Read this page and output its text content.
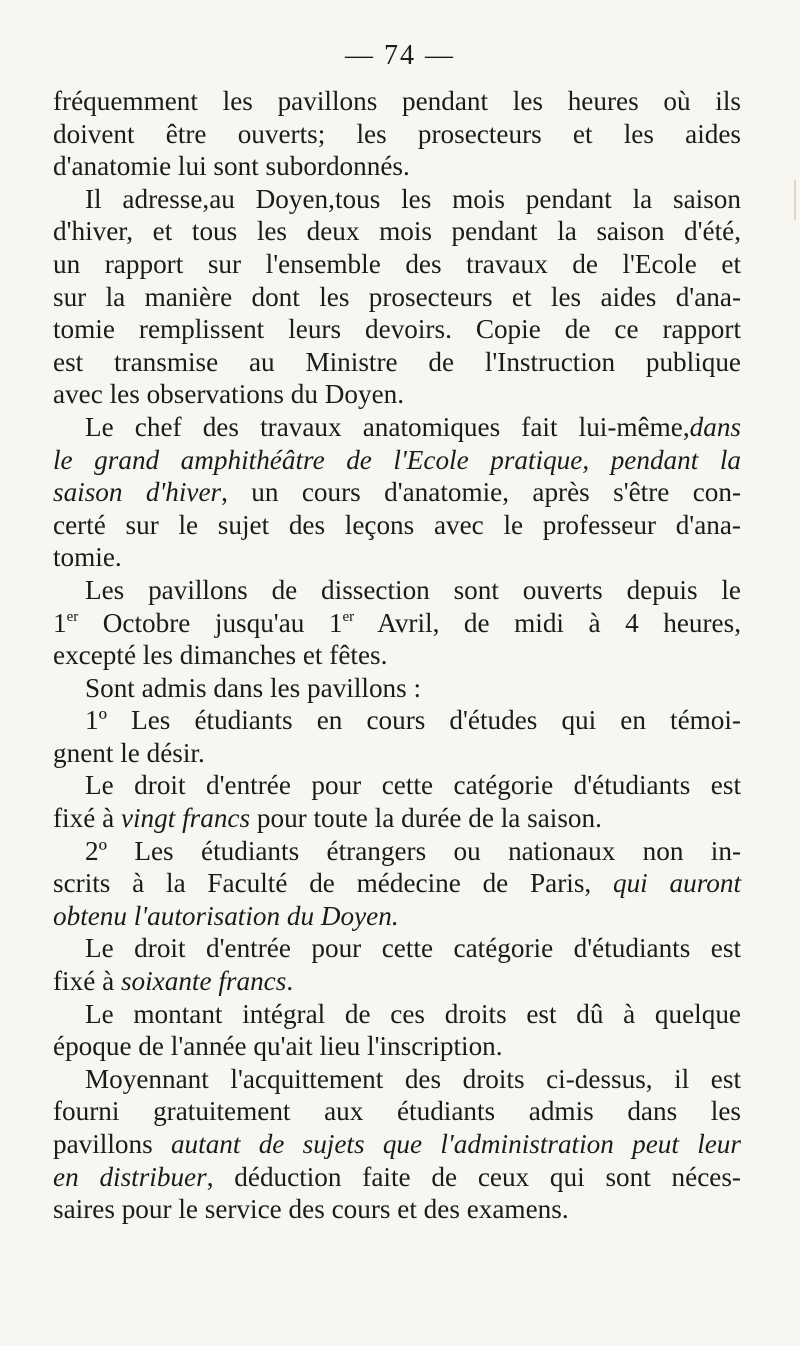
— 74 —
fréquemment les pavillons pendant les heures où ils
doivent être ouverts; les prosecteurs et les aides
d'anatomie lui sont subordonnés.
Il adresse,au Doyen,tous les mois pendant la saison
d'hiver, et tous les deux mois pendant la saison d'été,
un rapport sur l'ensemble des travaux de l'Ecole et
sur la manière dont les prosecteurs et les aides d'ana-
tomie remplissent leurs devoirs. Copie de ce rapport
est transmise au Ministre de l'Instruction publique
avec les observations du Doyen.
Le chef des travaux anatomiques fait lui-même,dans
le grand amphithéâtre de l'Ecole pratique, pendant la
saison d'hiver, un cours d'anatomie, après s'être con-
certé sur le sujet des leçons avec le professeur d'ana-
tomie.
Les pavillons de dissection sont ouverts depuis le
1er Octobre jusqu'au 1er Avril, de midi à 4 heures,
excepté les dimanches et fêtes.
Sont admis dans les pavillons :
1º Les étudiants en cours d'études qui en témoi-
gnent le désir.
Le droit d'entrée pour cette catégorie d'étudiants est
fixé à vingt francs pour toute la durée de la saison.
2º Les étudiants étrangers ou nationaux non in-
scrits à la Faculté de médecine de Paris, qui auront
obtenu l'autorisation du Doyen.
Le droit d'entrée pour cette catégorie d'étudiants est
fixé à soixante francs.
Le montant intégral de ces droits est dû à quelque
époque de l'année qu'ait lieu l'inscription.
Moyennant l'acquittement des droits ci-dessus, il est
fourni gratuitement aux étudiants admis dans les
pavillons autant de sujets que l'administration peut leur
en distribuer, déduction faite de ceux qui sont néces-
saires pour le service des cours et des examens.
